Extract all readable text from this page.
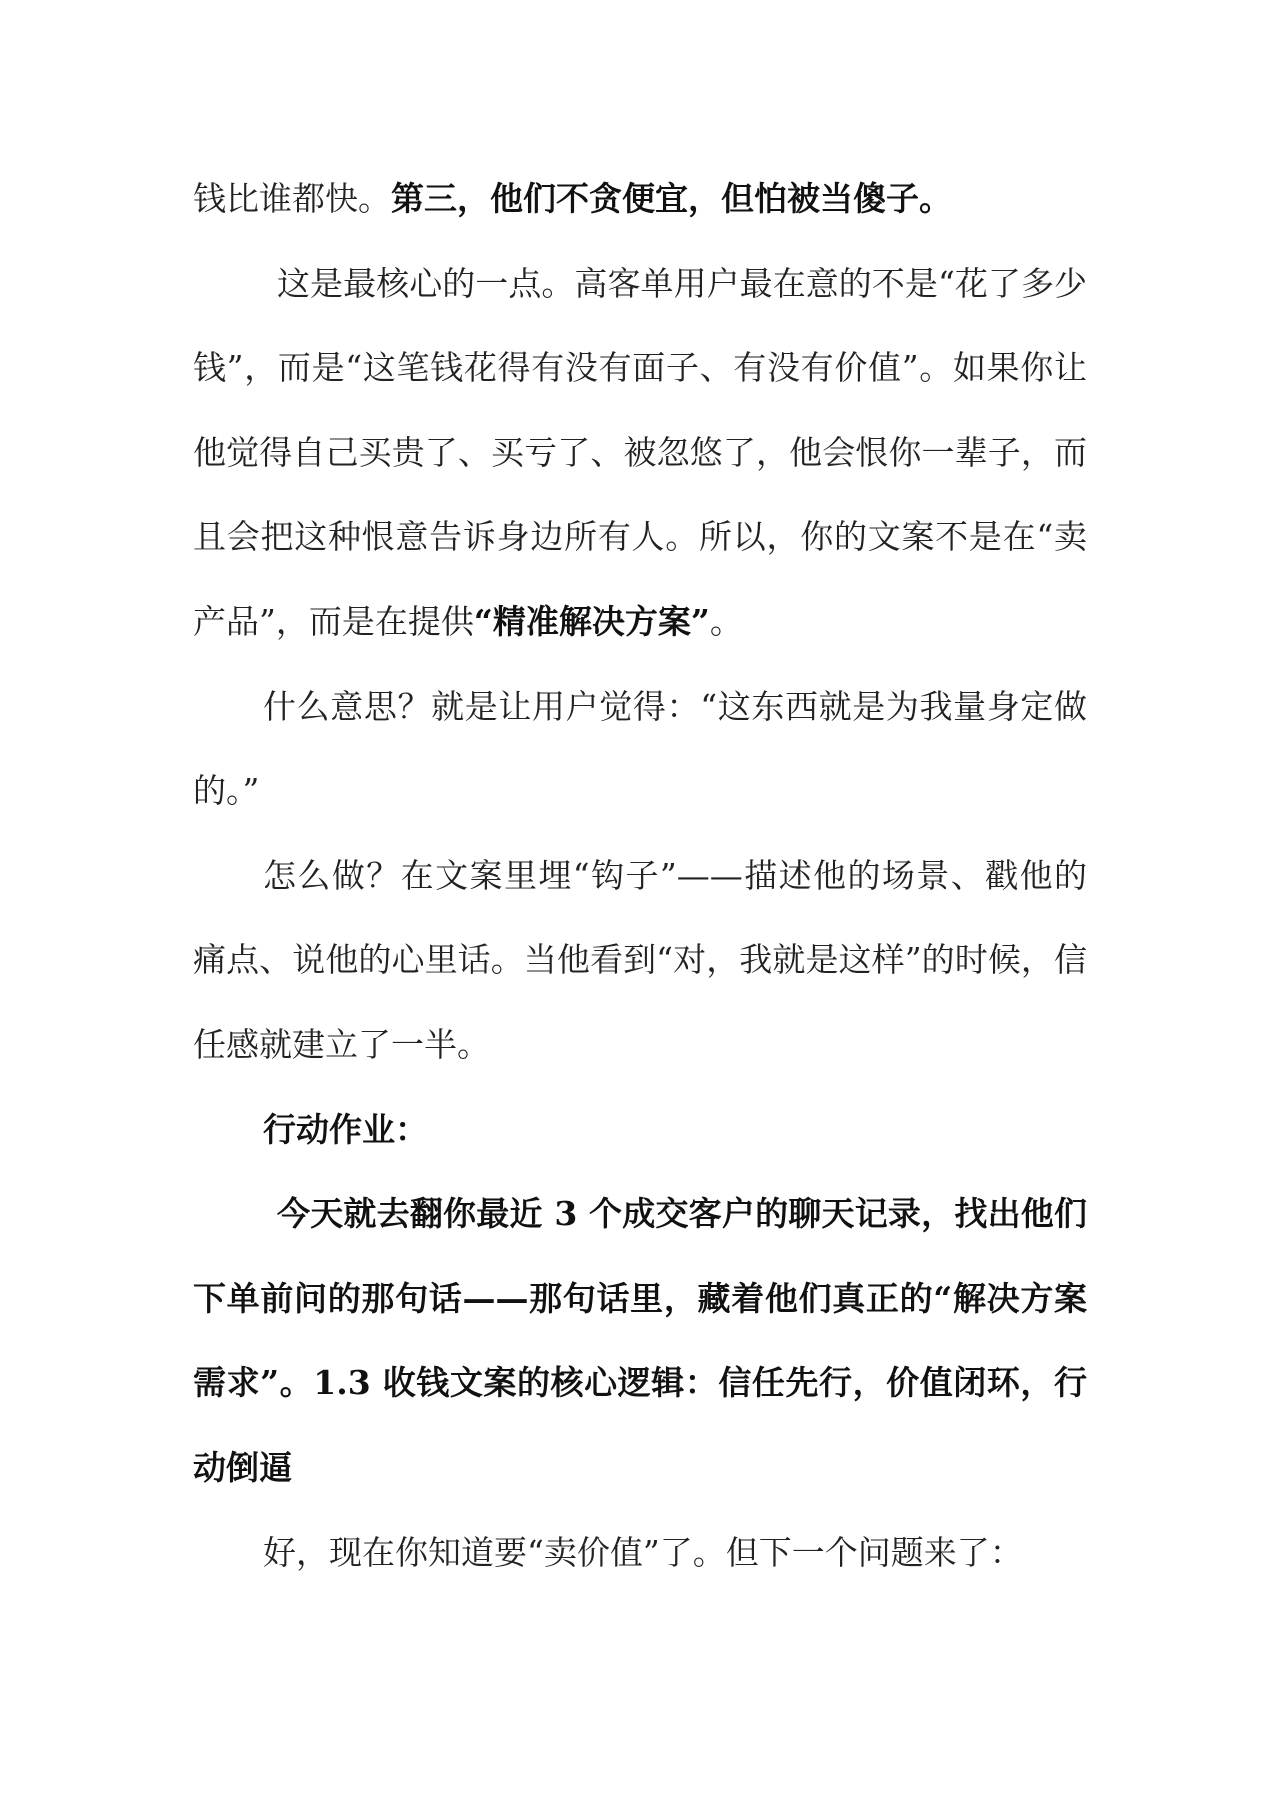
钱比谁都快。第三，他们不贪便宜，但怕被当傻子。

这是最核心的一点。高客单用户最在意的不是“花了多少钱”，而是“这笔钱花得有没有面子、有没有价值”。如果你让他觉得自己买贵了、买亏了、被忽悠了，他会恨你一辈子，而且会把这种恨意告诉身边所有人。所以，你的文案不是在“卖产品”，而是在提供“精准解决方案”。

什么意思？就是让用户觉得：“这东西就是为我量身定做的。”

怎么做？在文案里埋“钩子”——描述他的场景、戳他的痛点、说他的心里话。当他看到“对，我就是这样”的时候，信任感就建立了一半。

行动作业：

今天就去翻你最近 3 个成交客户的聊天记录，找出他们下单前问的那句话——那句话里，藏着他们真正的“解决方案需求”。1.3 收钱文案的核心逻辑：信任先行，价值闭环，行动倒逼

好，现在你知道要“卖价值”了。但下一个问题来了：
